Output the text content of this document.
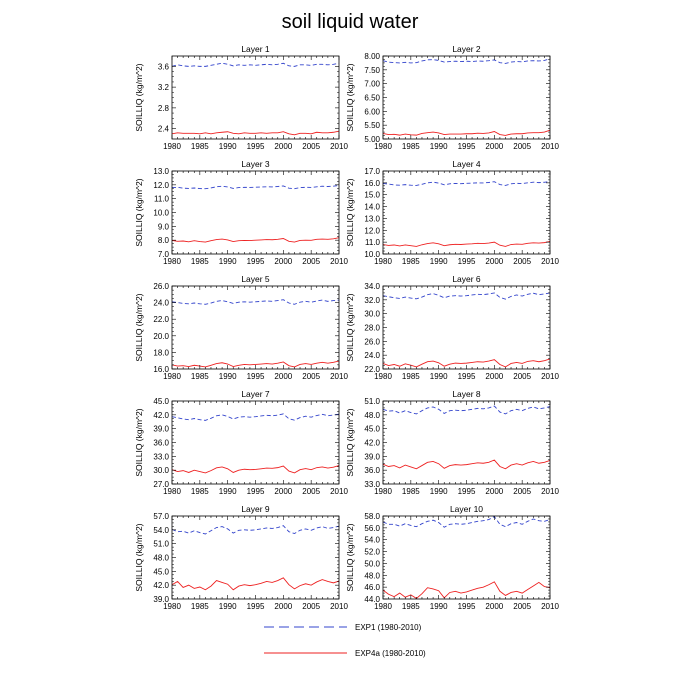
soil liquid water
Layer 1
1980 1985 1990 1995 2000 2005 2010
2.4
2.8
3.2
3.6
SOILLIQ (kg/m^2)
Layer 2
1980 1985 1990 1995 2000 2005 2010
5.00
5.50
6.00
6.50
7.00
7.50
8.00
SOILLIQ (kg/m^2)
Layer 3
1980 1985 1990 1995 2000 2005 2010
7.0
8.0
9.0
10.0
11.0
12.0
13.0
SOILLIQ (kg/m^2)
Layer 4
1980 1985 1990 1995 2000 2005 2010
10.0
11.0
12.0
13.0
14.0
15.0
16.0
17.0
SOILLIQ (kg/m^2)
Layer 5
1980 1985 1990 1995 2000 2005 2010
16.0
18.0
20.0
22.0
24.0
26.0
SOILLIQ (kg/m^2)
Layer 6
1980 1985 1990 1995 2000 2005 2010
22.0
24.0
26.0
28.0
30.0
32.0
34.0
SOILLIQ (kg/m^2)
Layer 7
1980 1985 1990 1995 2000 2005 2010
27.0
30.0
33.0
36.0
39.0
42.0
45.0
SOILLIQ (kg/m^2)
Layer 8
1980 1985 1990 1995 2000 2005 2010
33.0
36.0
39.0
42.0
45.0
48.0
51.0
SOILLIQ (kg/m^2)
Layer 9
1980 1985 1990 1995 2000 2005 2010
39.0
42.0
45.0
48.0
51.0
54.0
57.0
SOILLIQ (kg/m^2)
Layer 10
1980 1985 1990 1995 2000 2005 2010
44.0
46.0
48.0
50.0
52.0
54.0
56.0
58.0
SOILLIQ (kg/m^2)
EXP1 (1980-2010)
EXP4a (1980-2010)
